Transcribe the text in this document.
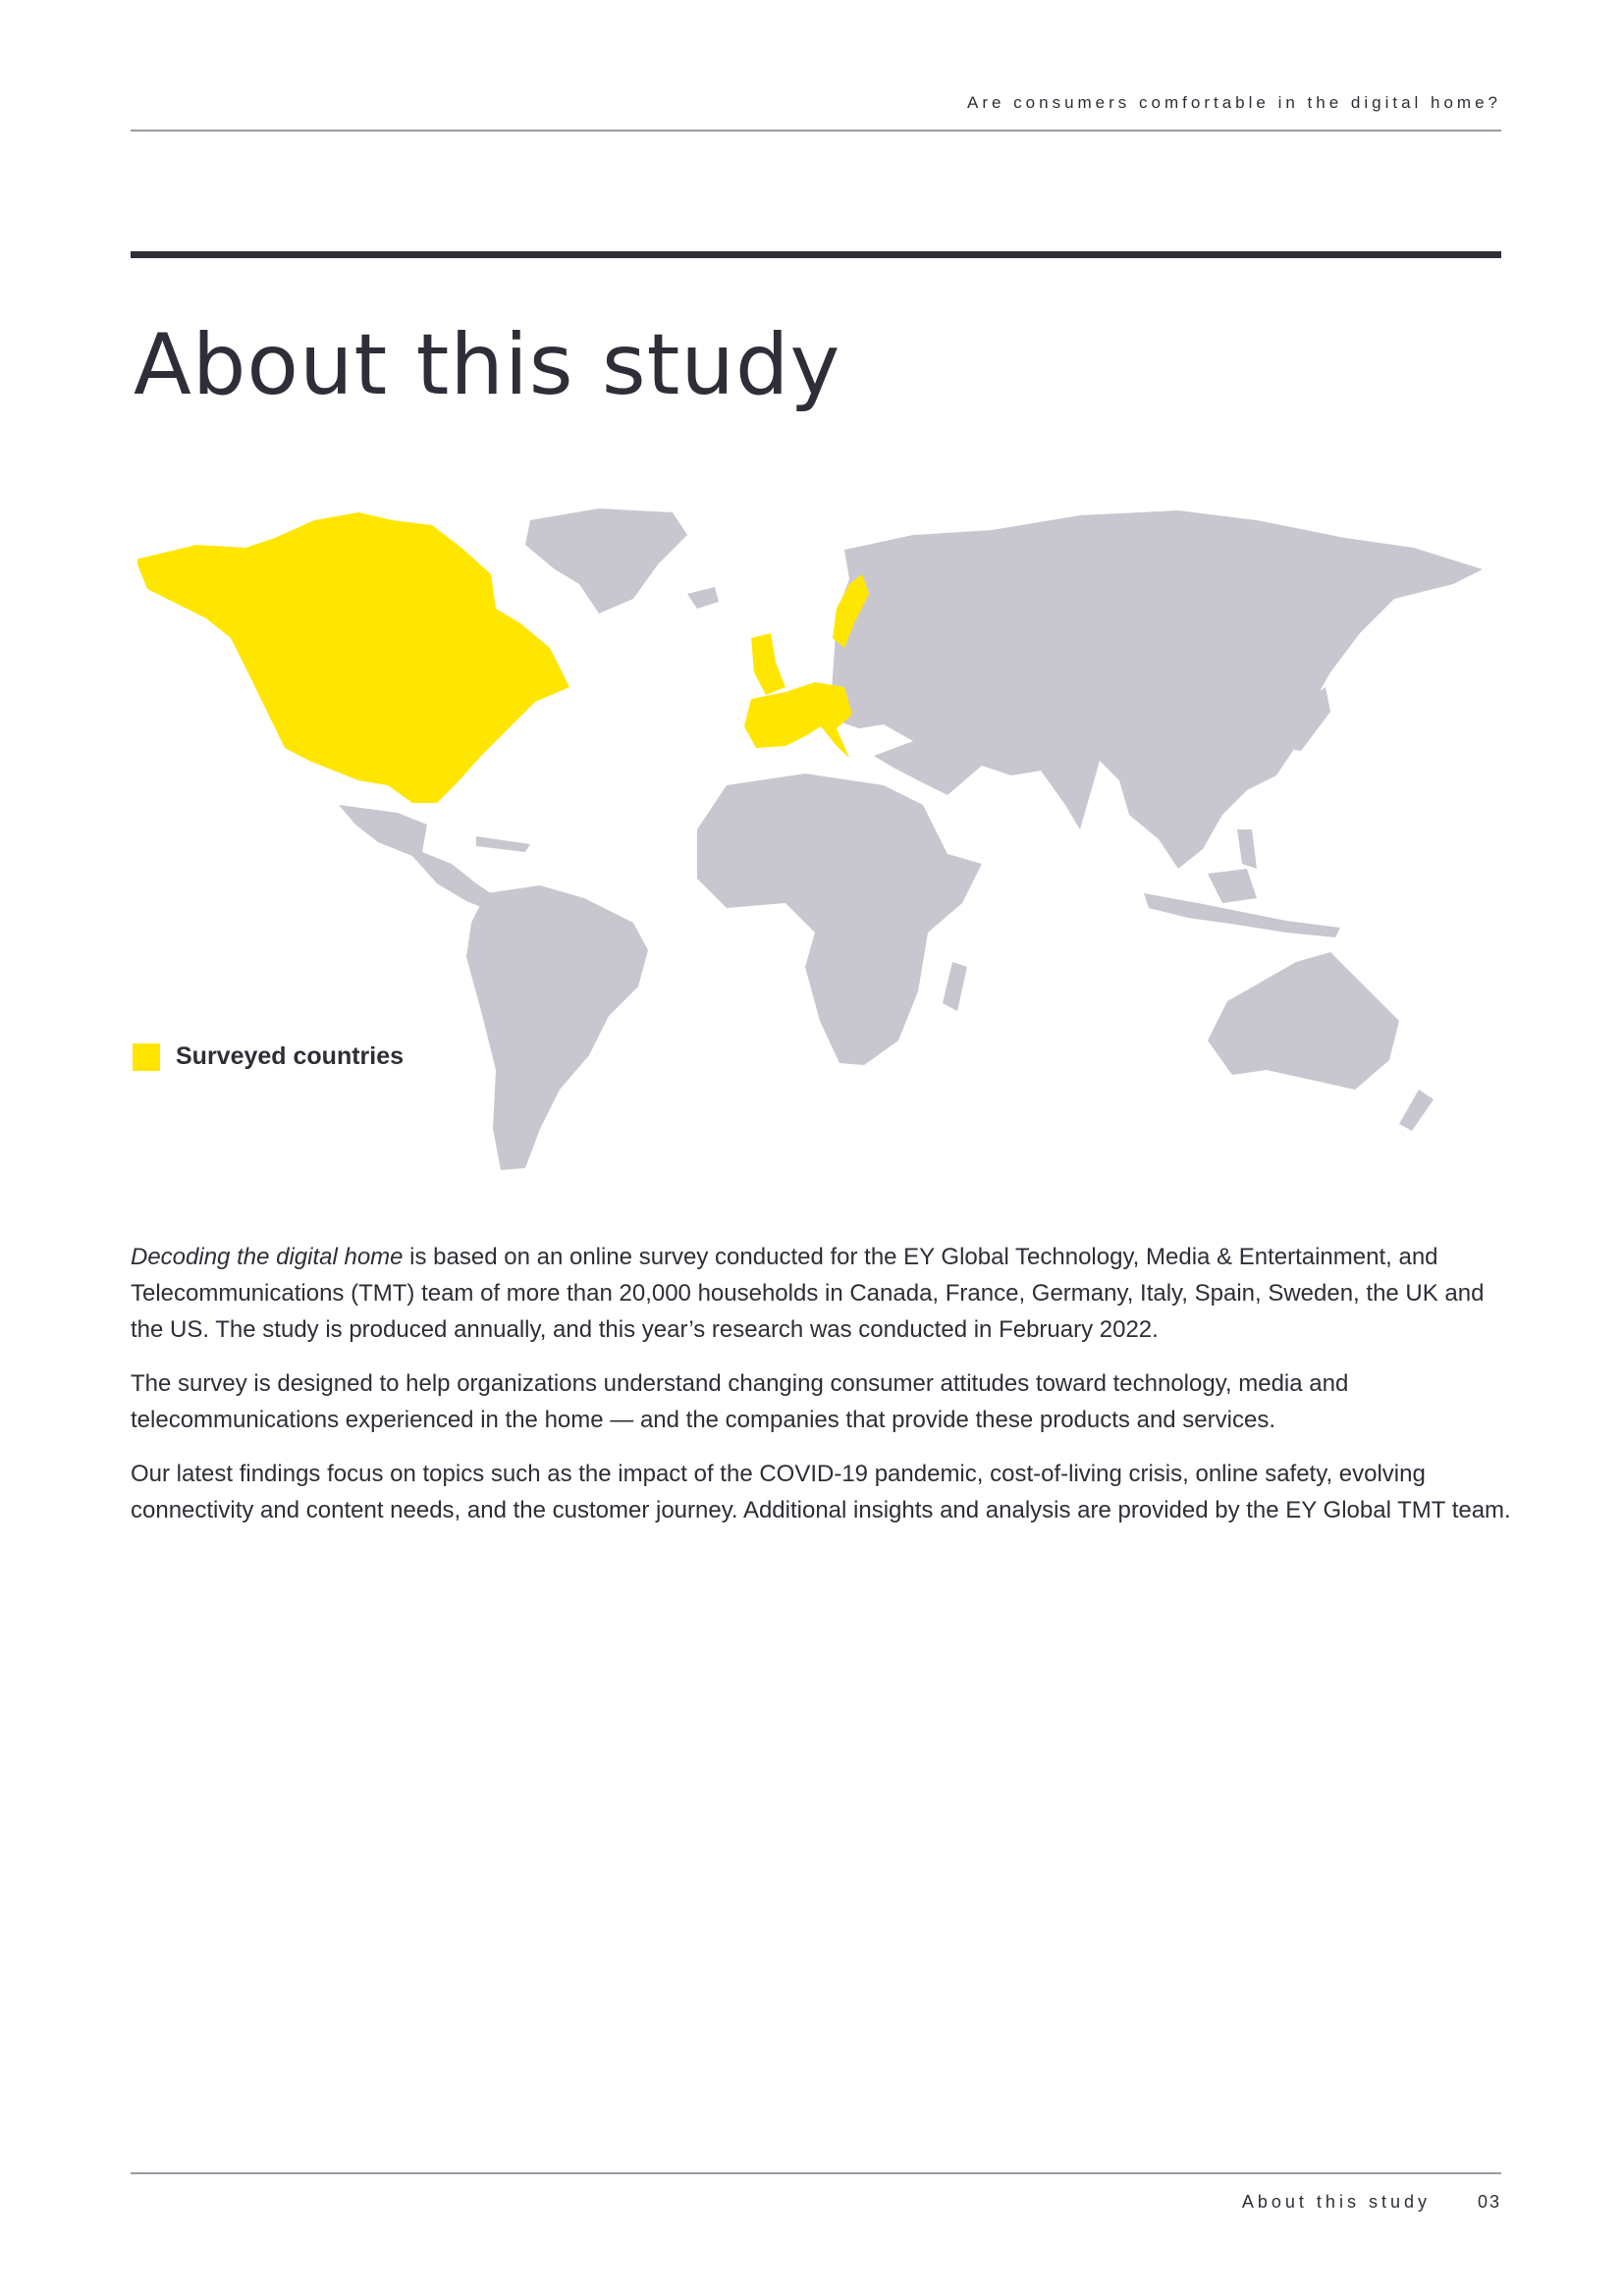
Are consumers comfortable in the digital home?
About this study
Surveyed countries

Decoding the digital home is based on an online survey conducted for the EY Global Technology, Media & Entertainment, and Telecommunications (TMT) team of more than 20,000 households in Canada, France, Germany, Italy, Spain, Sweden, the UK and the US. The study is produced annually, and this year’s research was conducted in February 2022.

The survey is designed to help organizations understand changing consumer attitudes toward technology, media and telecommunications experienced in the home — and the companies that provide these products and services.

Our latest findings focus on topics such as the impact of the COVID-19 pandemic, cost-of-living crisis, online safety, evolving connectivity and content needs, and the customer journey. Additional insights and analysis are provided by the EY Global TMT team.

About this study	03
